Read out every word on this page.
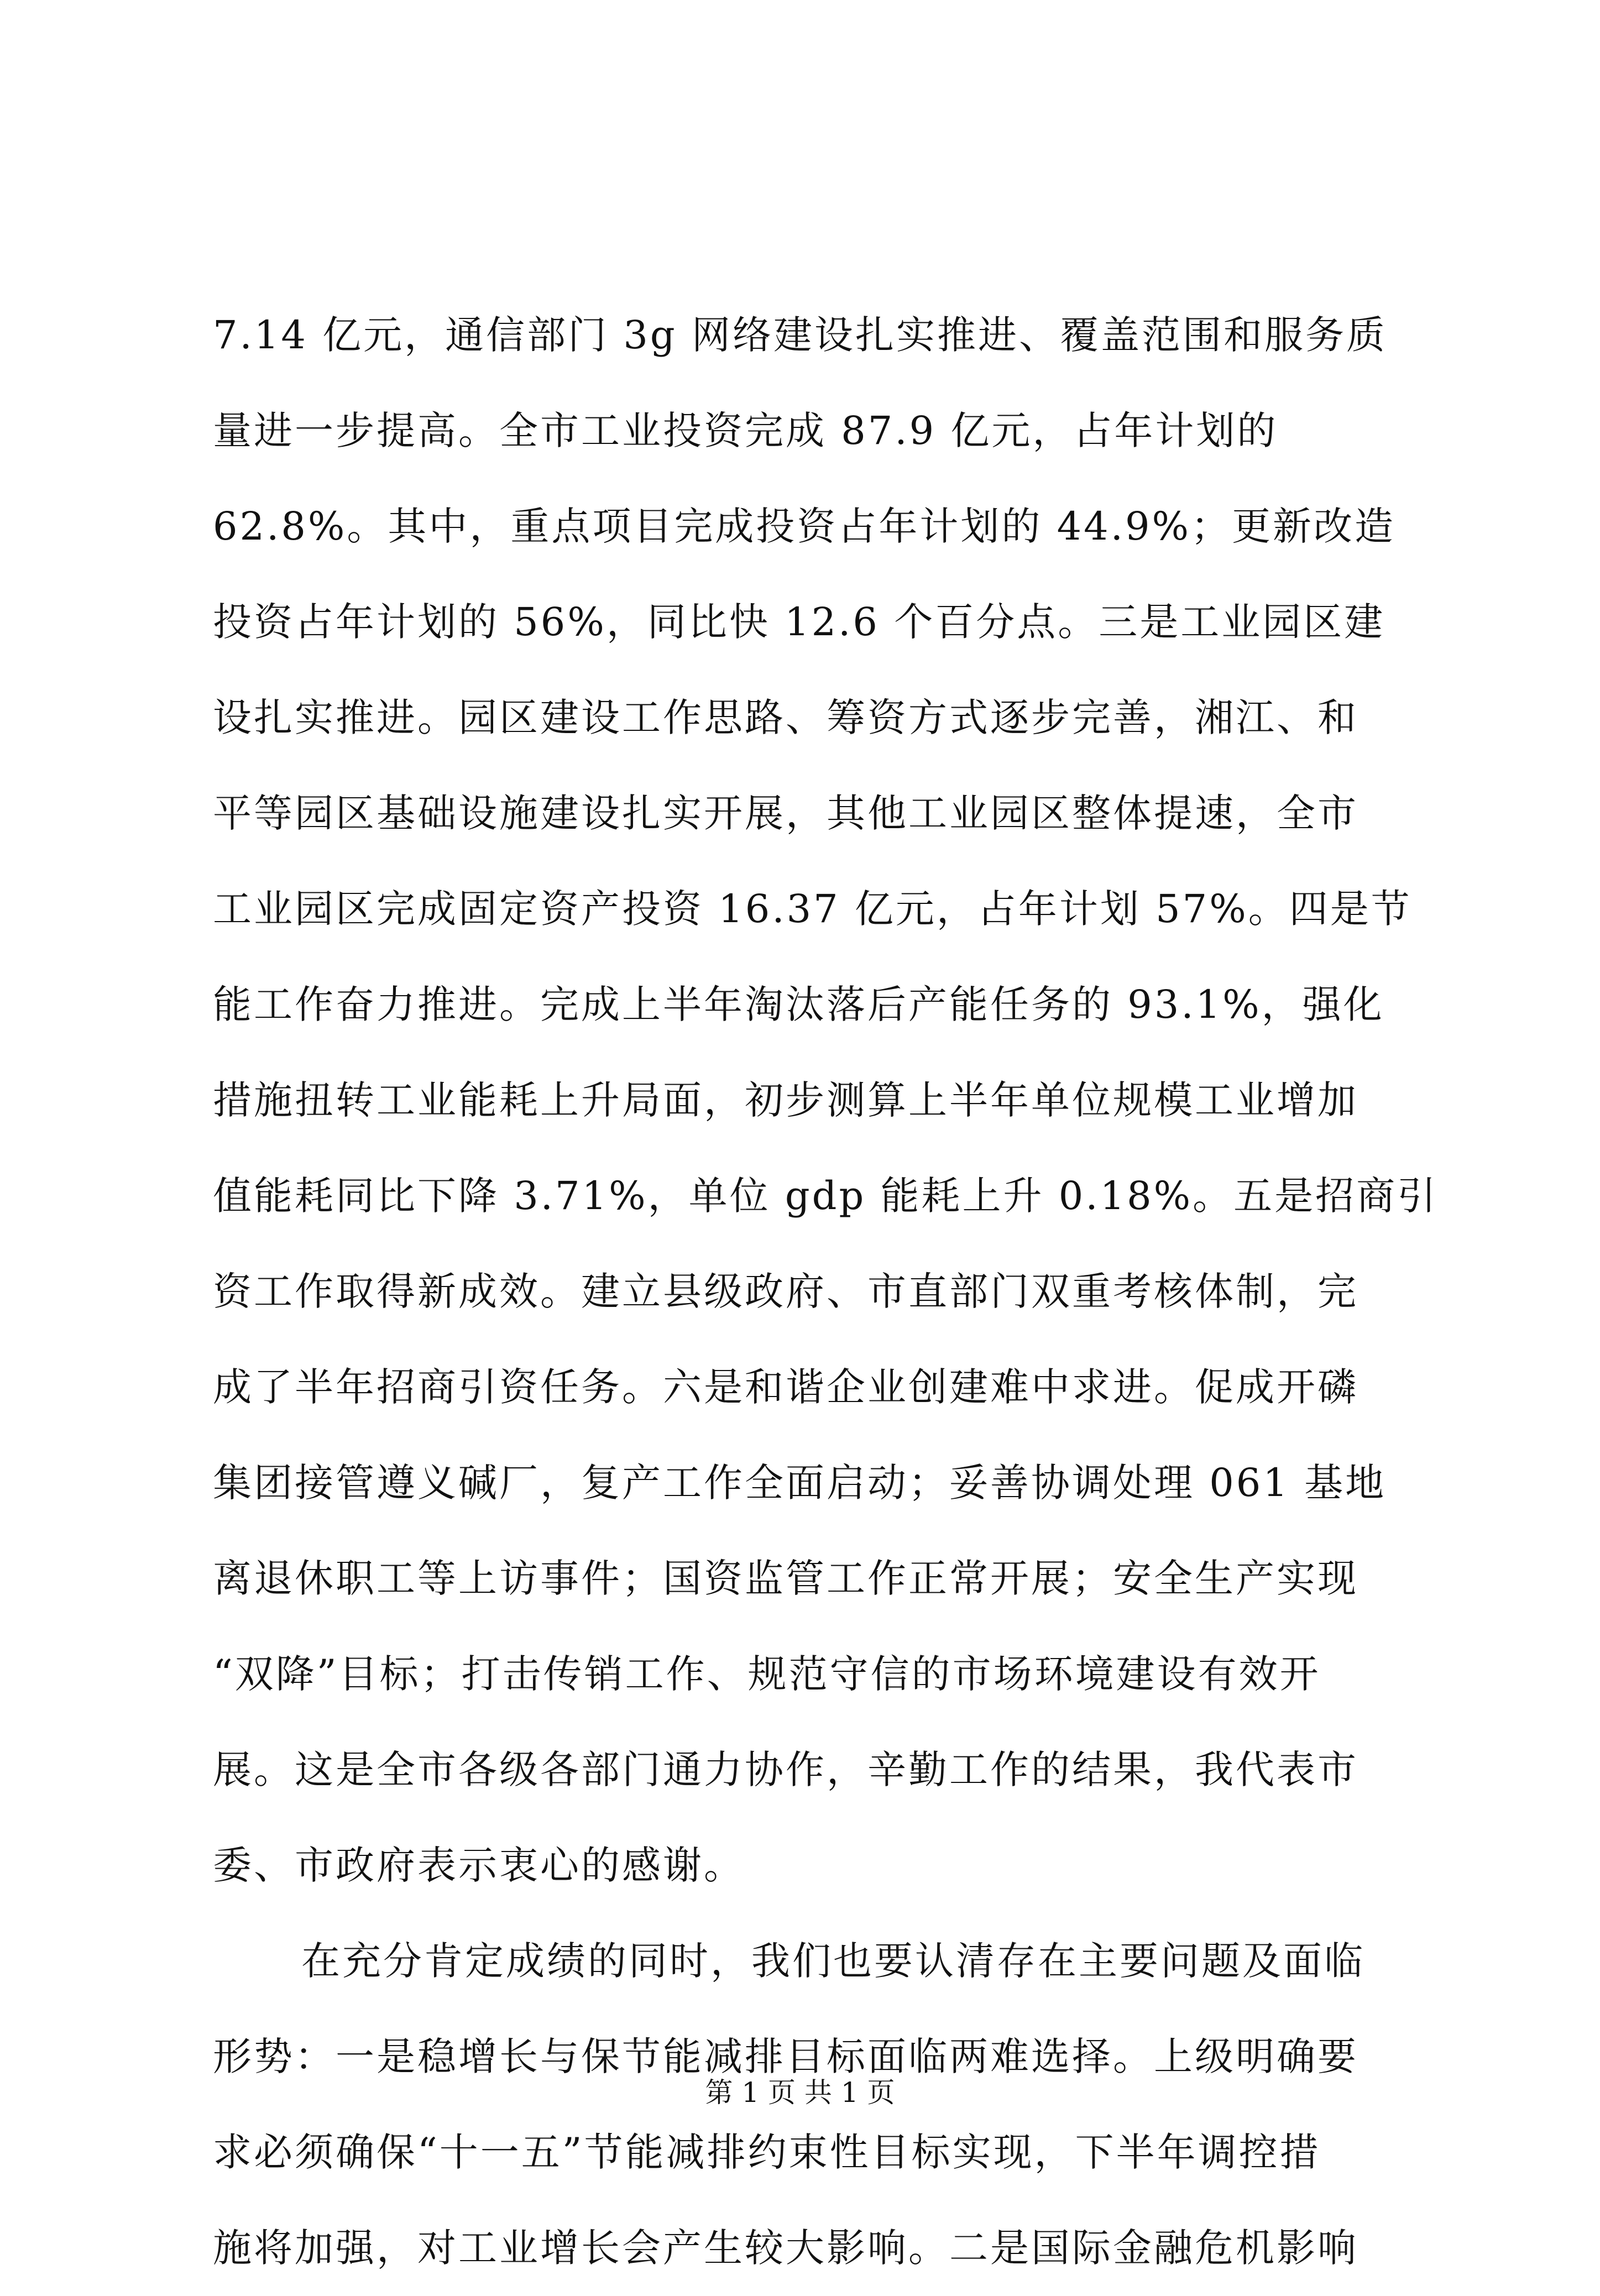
7.14 亿元，通信部门 3g 网络建设扎实推进、覆盖范围和服务质
量进一步提高。全市工业投资完成 87.9 亿元，占年计划的
62.8%。其中，重点项目完成投资占年计划的 44.9%；更新改造
投资占年计划的 56%，同比快 12.6 个百分点。三是工业园区建
设扎实推进。园区建设工作思路、筹资方式逐步完善，湘江、和
平等园区基础设施建设扎实开展，其他工业园区整体提速，全市
工业园区完成固定资产投资 16.37 亿元，占年计划 57%。四是节
能工作奋力推进。完成上半年淘汰落后产能任务的 93.1%，强化
措施扭转工业能耗上升局面，初步测算上半年单位规模工业增加
值能耗同比下降 3.71%，单位 gdp 能耗上升 0.18%。五是招商引
资工作取得新成效。建立县级政府、市直部门双重考核体制，完
成了半年招商引资任务。六是和谐企业创建难中求进。促成开磷
集团接管遵义碱厂，复产工作全面启动；妥善协调处理 061 基地
离退休职工等上访事件；国资监管工作正常开展；安全生产实现
“双降”目标；打击传销工作、规范守信的市场环境建设有效开
展。这是全市各级各部门通力协作，辛勤工作的结果，我代表市
委、市政府表示衷心的感谢。
在充分肯定成绩的同时，我们也要认清存在主要问题及面临
形势：一是稳增长与保节能减排目标面临两难选择。上级明确要
求必须确保“十一五”节能减排约束性目标实现，下半年调控措
施将加强，对工业增长会产生较大影响。二是国际金融危机影响
第 1 页 共 1 页
